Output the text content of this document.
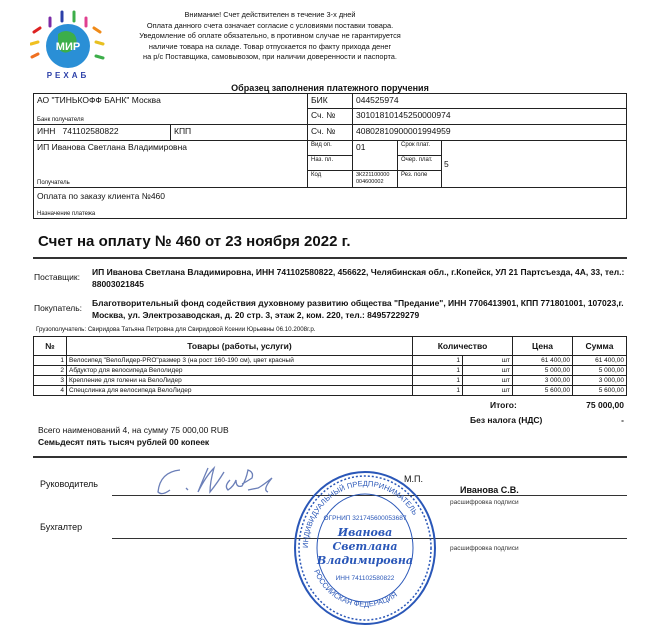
МИР
РЕХАБ
Внимание! Счет действителен в течение 3-х дней
Оплата данного счета означает согласие с условиями поставки товара.
Уведомление об оплате обязательно, в противном случае не гарантируется
наличие товара на складе. Товар отпускается по факту прихода денег
на р/с Поставщика, самовывозом, при наличии доверенности и паспорта.
Образец заполнения платежного поручения
АО "ТИНЬКОФФ БАНК" Москва
Банк получателя		БИК	044525974		
		Сч. №	30101810145250000974		
ИНН 741102580822	КПП	Сч. №	40802810900001994959		
ИП Иванова Светлана Владимировна
Получатель		Вид оп.	01	Срок плат.	5

		Наз. пл.		Очер. плат.	
		Код	3К221100000 004600002	Рез. поле	

Оплата по заказу клиента №460
Назначение платежа					
Счет на оплату № 460 от 23 ноября 2022 г.
Поставщик:	ИП Иванова Светлана Владимировна, ИНН 741102580822, 456622, Челябинская обл., г.Копейск, УЛ 21 Партсъезда, 4А, 33, тел.: 88003021845
Покупатель:	Благотворительный фонд содействия духовному развитию общества "Предание", ИНН 7706413901, КПП 771801001, 107023,г. Москва, ул. Электрозаводская, д. 20 стр. 3, этаж 2, ком. 220, тел.: 84957229279
Грузополучатель: Свиридова Татьяна Петровна для Свиридовой Ксении Юрьевны 06.10.2008г.р.
№	Товары (работы, услуги)	Количество		Цена	Сумма
1	Велосипед "ВелоЛидер-PRO"размер 3 (на рост 160-190 см), цвет красный	1	шт	61 400,00	61 400,00
2	Абдуктор для велосипеда Велолидер	1	шт	5 000,00	5 000,00
3	Крепление для голени на ВелоЛидер	1	шт	3 000,00	3 000,00
4	Спецслинка для велосипеда ВелоЛидер	1	шт	5 600,00	5 600,00
Итого:	75 000,00
Без налога (НДС)	-
Всего наименований 4, на сумму 75 000,00 RUB
Семьдесят пять тысяч рублей 00 копеек
Руководитель
Иванова С.В.
расшифровка подписи
Бухгалтер
расшифровка подписи
ИНДИВИДУАЛЬНЫЙ ПРЕДПРИНИМАТЕЛЬ
РОССИЙСКАЯ ФЕДЕРАЦИЯ
ОГРНИП 321745600053687
Иванова
Светлана
Владимировна
ИНН 741102580822
М.П.
